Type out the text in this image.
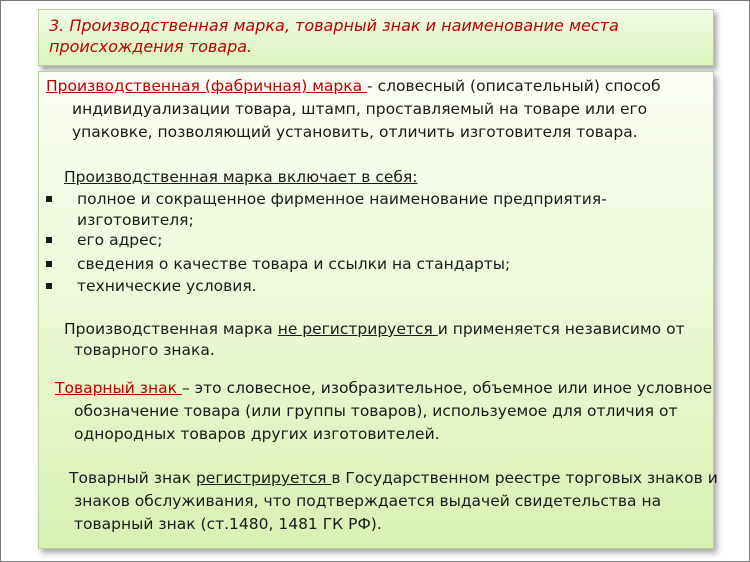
3. Производственная марка, товарный знак и наименование места
происхождения товара.
Производственная (фабричная) марка - словесный (описательный) способ
индивидуализации товара, штамп, проставляемый на товаре или его
упаковке, позволяющий установить, отличить изготовителя товара.
Производственная марка включает в себя:
полное и сокращенное фирменное наименование предприятия-
изготовителя;
его адрес;
сведения о качестве товара и ссылки на стандарты;
технические условия.
Производственная марка не регистрируется и применяется независимо от
товарного знака.
Товарный знак – это словесное, изобразительное, объемное или иное условное
обозначение товара (или группы товаров), используемое для отличия от
однородных товаров других изготовителей.
Товарный знак регистрируется в Государственном реестре торговых знаков и
знаков обслуживания, что подтверждается выдачей свидетельства на
товарный знак (ст.1480, 1481 ГК РФ).
